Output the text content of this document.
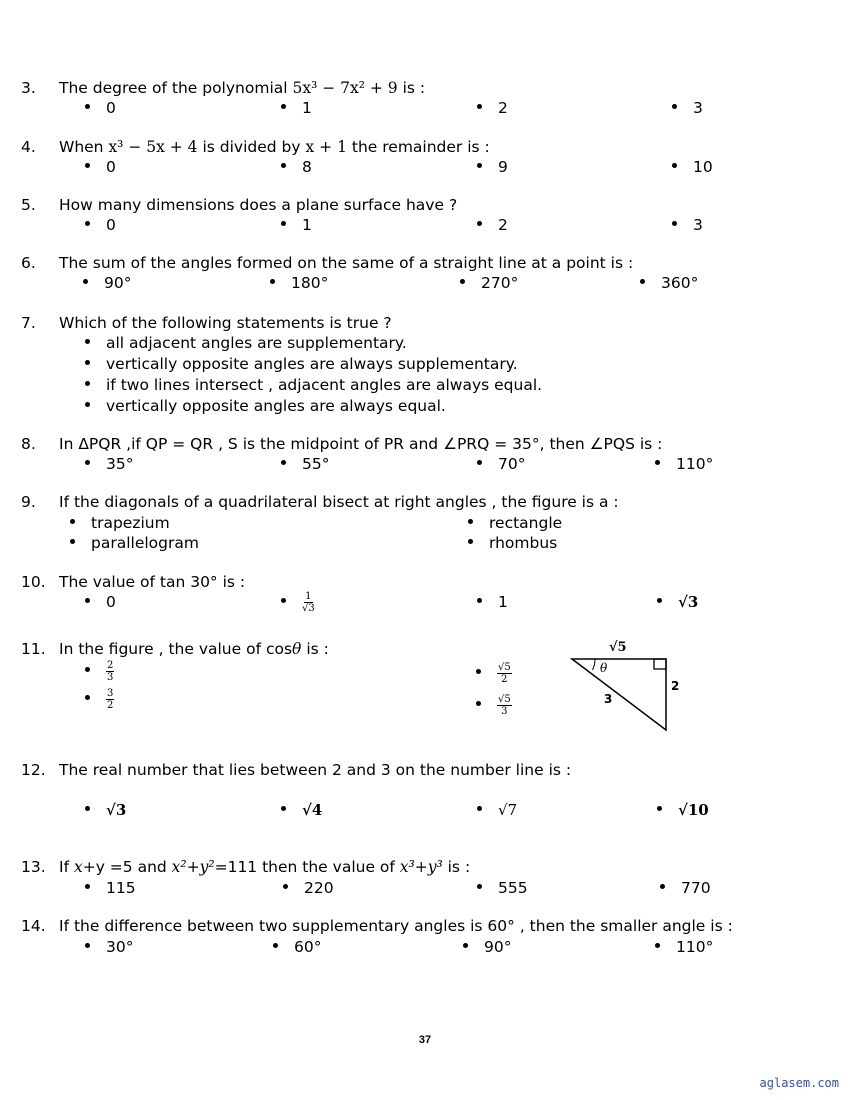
3. The degree of the polynomial 5x³ − 7x² + 9 is :
0	1	2	3
4. When x³ − 5x + 4 is divided by x + 1 the remainder is :
0	8	9	10
5. How many dimensions does a plane surface have ?
0	1	2	3
6. The sum of the angles formed on the same of a straight line at a point is :
90°	180°	270°	360°
7. Which of the following statements is true ?
all adjacent angles are supplementary.
vertically opposite angles are always supplementary.
if two lines intersect , adjacent angles are always equal.
vertically opposite angles are always equal.
8. In ΔPQR ,if QP = QR , S is the midpoint of PR and ∠PRQ = 35°, then ∠PQS is :
35°	55°	70°	110°
9. If the diagonals of a quadrilateral bisect at right angles , the figure is a :
trapezium	rectangle
parallelogram	rhombus
10. The value of tan 30° is :
0	$\frac{1}{√3}$	1	√3
11. In the figure , the value of cosθ is :
$\frac{2}{3}$
$\frac{3}{2}$
$\frac{√5}{2}$
$\frac{√5}{3}$
√5
2
3
θ
12. The real number that lies between 2 and 3 on the number line is :
√3	√4	√7	√10
13. If x+y =5 and x²+y²=111 then the value of x³+y³ is :
115	220	555	770
14. If the difference between two supplementary angles is 60° , then the smaller angle is :
30°	60°	90°	110°
37
aglasem.com
